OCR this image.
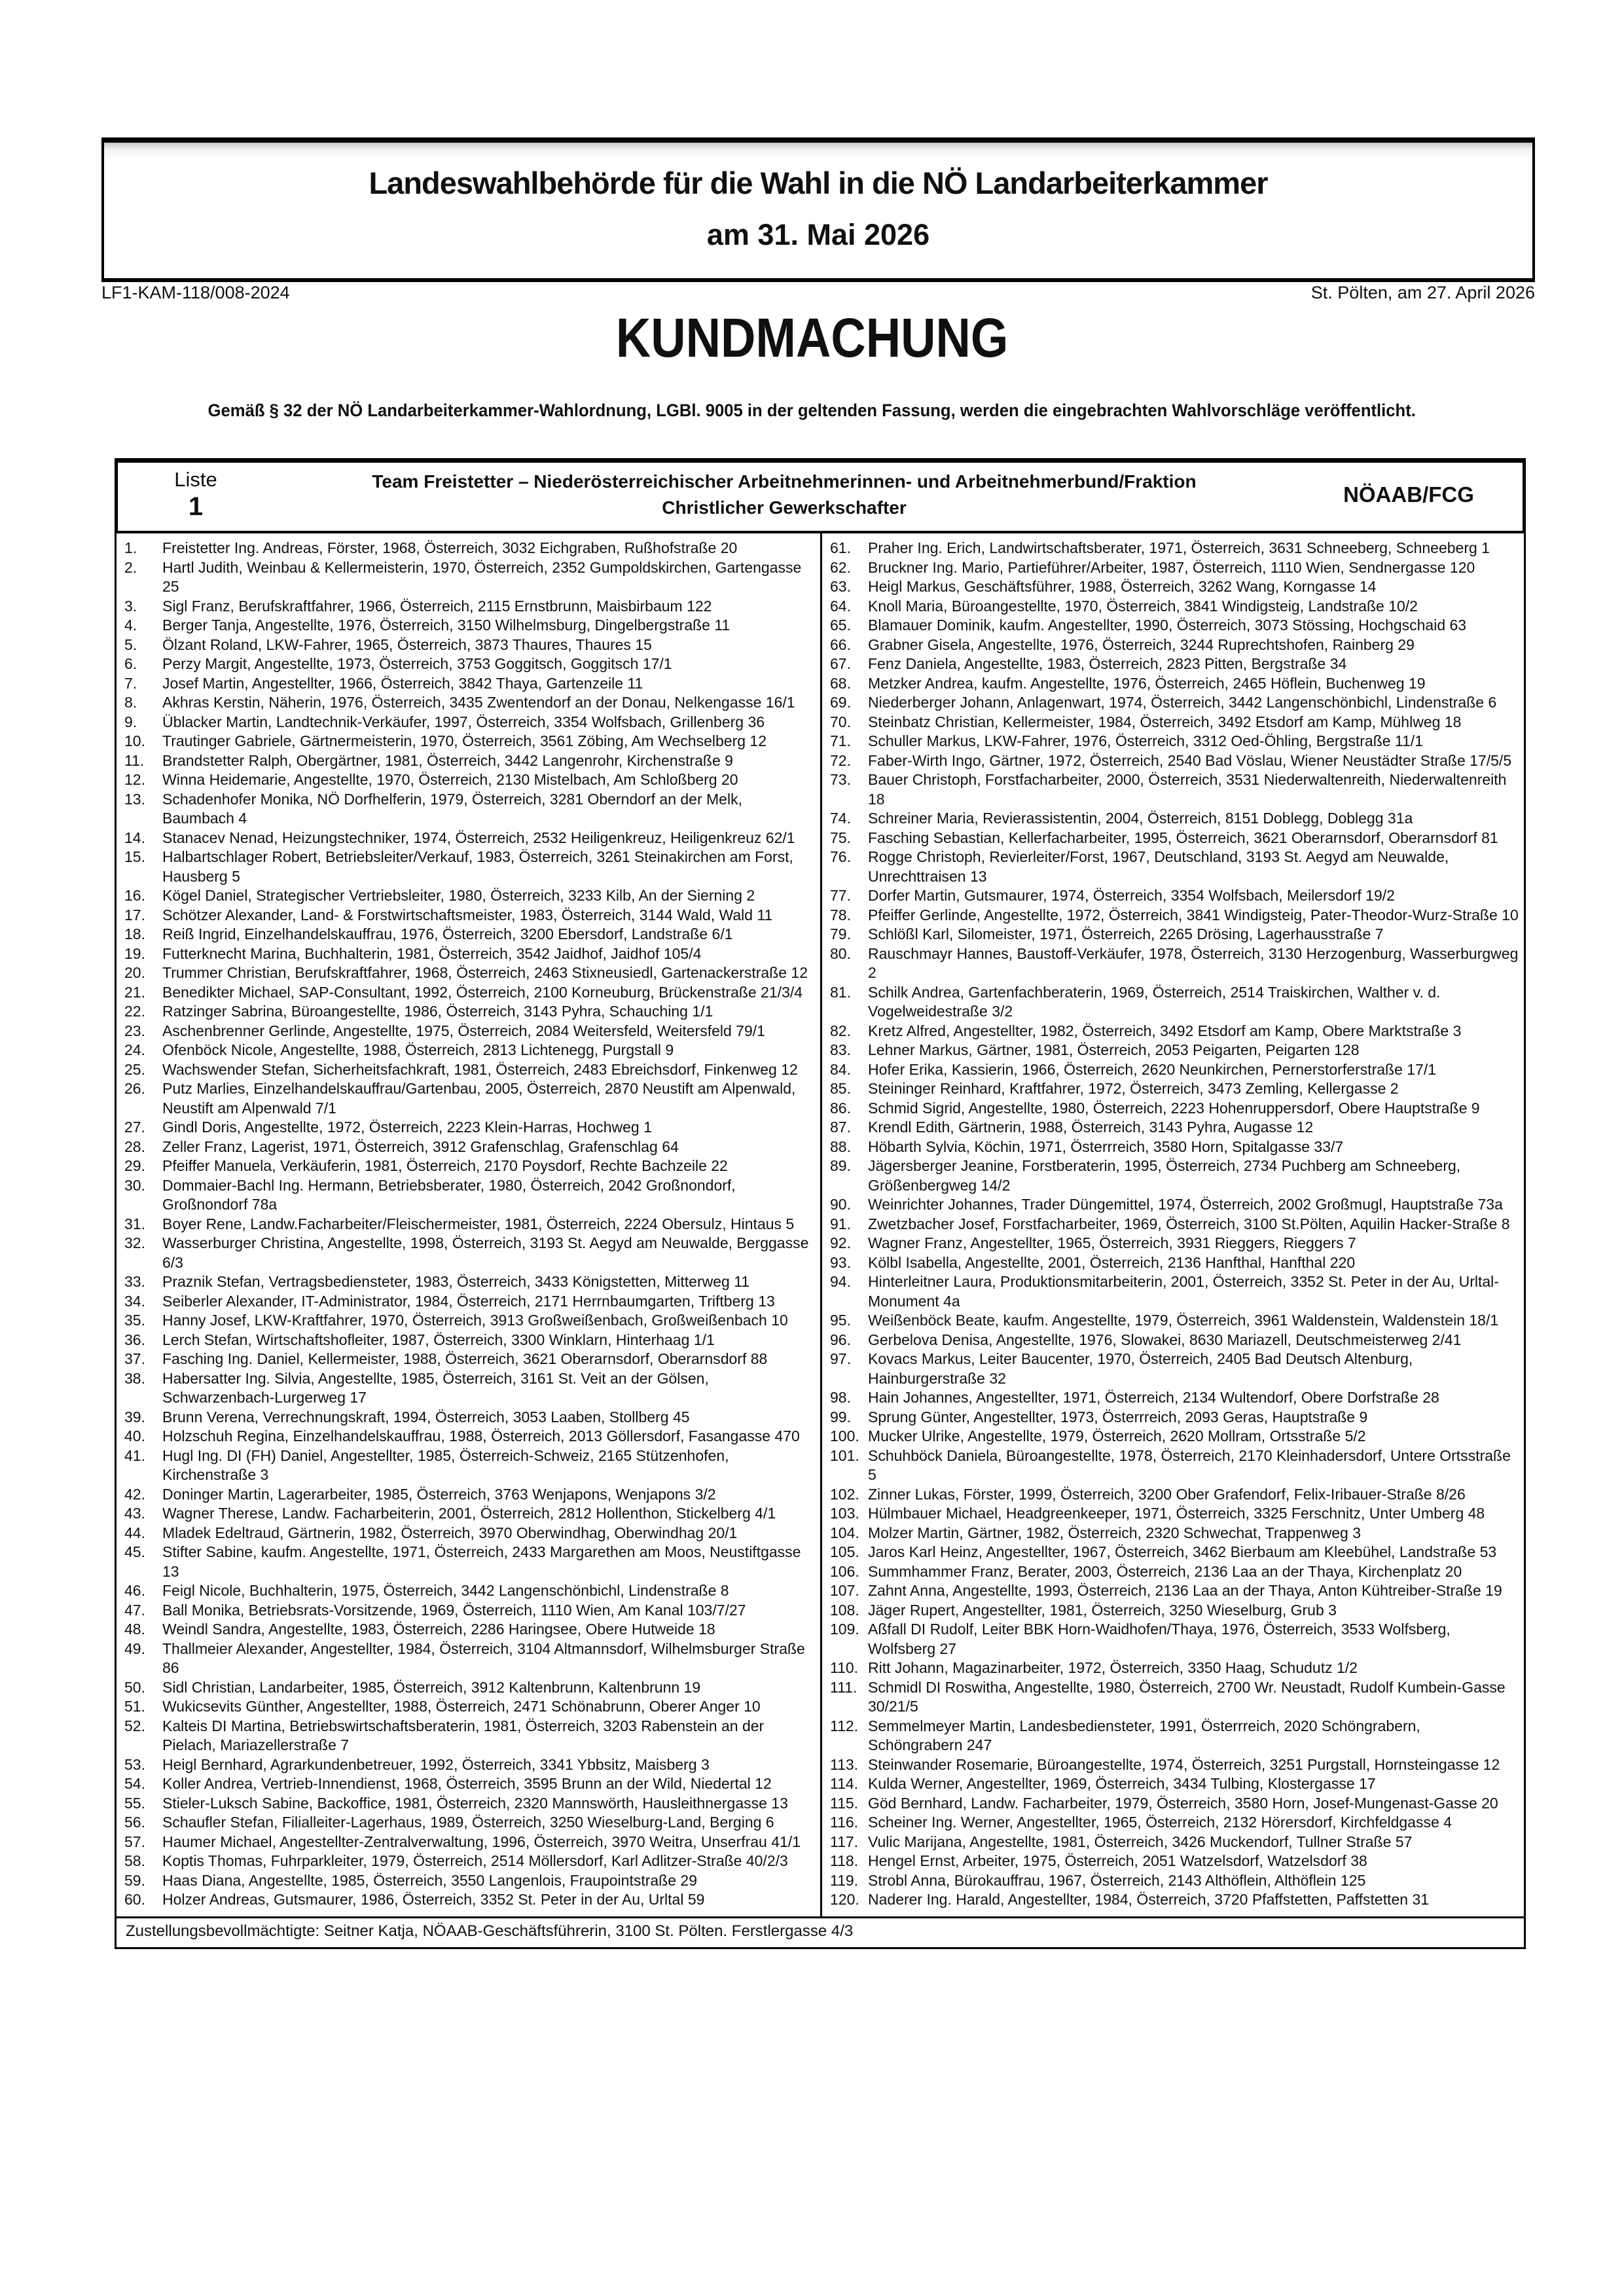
Landeswahlbehörde für die Wahl in die NÖ Landarbeiterkammer
am 31. Mai 2026
LF1-KAM-118/008-2024	St. Pölten, am 27. April 2026
KUNDMACHUNG
Gemäß § 32 der NÖ Landarbeiterkammer-Wahlordnung, LGBl. 9005 in der geltenden Fassung, werden die eingebrachten Wahlvorschläge veröffentlicht.
Liste
1
Team Freistetter – Niederösterreichischer Arbeitnehmerinnen- und Arbeitnehmerbund/Fraktion
Christlicher Gewerkschafter
NÖAAB/FCG
1. Freistetter Ing. Andreas, Förster, 1968, Österreich, 3032 Eichgraben, Rußhofstraße 20
2. Hartl Judith, Weinbau & Kellermeisterin, 1970, Österreich, 2352 Gumpoldskirchen, Gartengasse 25
3. Sigl Franz, Berufskraftfahrer, 1966, Österreich, 2115 Ernstbrunn, Maisbirbaum 122
4. Berger Tanja, Angestellte, 1976, Österreich, 3150 Wilhelmsburg, Dingelbergstraße 11
5. Ölzant Roland, LKW-Fahrer, 1965, Österreich, 3873 Thaures, Thaures 15
6. Perzy Margit, Angestellte, 1973, Österreich, 3753 Goggitsch, Goggitsch 17/1
7. Josef Martin, Angestellter, 1966, Österreich, 3842 Thaya, Gartenzeile 11
8. Akhras Kerstin, Näherin, 1976, Österreich, 3435 Zwentendorf an der Donau, Nelkengasse 16/1
9. Üblacker Martin, Landtechnik-Verkäufer, 1997, Österreich, 3354 Wolfsbach, Grillenberg 36
10. Trautinger Gabriele, Gärtnermeisterin, 1970, Österreich, 3561 Zöbing, Am Wechselberg 12
11. Brandstetter Ralph, Obergärtner, 1981, Österreich, 3442 Langenrohr, Kirchenstraße 9
12. Winna Heidemarie, Angestellte, 1970, Österreich, 2130 Mistelbach, Am Schloßberg 20
13. Schadenhofer Monika, NÖ Dorfhelferin, 1979, Österreich, 3281 Oberndorf an der Melk, Baumbach 4
14. Stanacev Nenad, Heizungstechniker, 1974, Österreich, 2532 Heiligenkreuz, Heiligenkreuz 62/1
15. Halbartschlager Robert, Betriebsleiter/Verkauf, 1983, Österreich, 3261 Steinakirchen am Forst, Hausberg 5
16. Kögel Daniel, Strategischer Vertriebsleiter, 1980, Österreich, 3233 Kilb, An der Sierning 2
17. Schötzer Alexander, Land- & Forstwirtschaftsmeister, 1983, Österreich, 3144 Wald, Wald 11
18. Reiß Ingrid, Einzelhandelskauffrau, 1976, Österreich, 3200 Ebersdorf, Landstraße 6/1
19. Futterknecht Marina, Buchhalterin, 1981, Österreich, 3542 Jaidhof, Jaidhof 105/4
20. Trummer Christian, Berufskraftfahrer, 1968, Österreich, 2463 Stixneusiedl, Gartenackerstraße 12
21. Benedikter Michael, SAP-Consultant, 1992, Österreich, 2100 Korneuburg, Brückenstraße 21/3/4
22. Ratzinger Sabrina, Büroangestellte, 1986, Österreich, 3143 Pyhra, Schauching 1/1
23. Aschenbrenner Gerlinde, Angestellte, 1975, Österreich, 2084 Weitersfeld, Weitersfeld 79/1
24. Ofenböck Nicole, Angestellte, 1988, Österreich, 2813 Lichtenegg, Purgstall 9
25. Wachswender Stefan, Sicherheitsfachkraft, 1981, Österreich, 2483 Ebreichsdorf, Finkenweg 12
26. Putz Marlies, Einzelhandelskauffrau/Gartenbau, 2005, Österreich, 2870 Neustift am Alpenwald, Neustift am Alpenwald 7/1
27. Gindl Doris, Angestellte, 1972, Österreich, 2223 Klein-Harras, Hochweg 1
28. Zeller Franz, Lagerist, 1971, Österreich, 3912 Grafenschlag, Grafenschlag 64
29. Pfeiffer Manuela, Verkäuferin, 1981, Österreich, 2170 Poysdorf, Rechte Bachzeile 22
30. Dommaier-Bachl Ing. Hermann, Betriebsberater, 1980, Österreich, 2042 Großnondorf, Großnondorf 78a
31. Boyer Rene, Landw.Facharbeiter/Fleischermeister, 1981, Österreich, 2224 Obersulz, Hintaus 5
32. Wasserburger Christina, Angestellte, 1998, Österreich, 3193 St. Aegyd am Neuwalde, Berggasse 6/3
33. Praznik Stefan, Vertragsbediensteter, 1983, Österreich, 3433 Königstetten, Mitterweg 11
34. Seiberler Alexander, IT-Administrator, 1984, Österreich, 2171 Herrnbaumgarten, Triftberg 13
35. Hanny Josef, LKW-Kraftfahrer, 1970, Österreich, 3913 Großweißenbach, Großweißenbach 10
36. Lerch Stefan, Wirtschaftshofleiter, 1987, Österreich, 3300 Winklarn, Hinterhaag 1/1
37. Fasching Ing. Daniel, Kellermeister, 1988, Österreich, 3621 Oberarnsdorf, Oberarnsdorf 88
38. Habersatter Ing. Silvia, Angestellte, 1985, Österreich, 3161 St. Veit an der Gölsen, Schwarzenbach-Lurgerweg 17
39. Brunn Verena, Verrechnungskraft, 1994, Österreich, 3053 Laaben, Stollberg 45
40. Holzschuh Regina, Einzelhandelskauffrau, 1988, Österreich, 2013 Göllersdorf, Fasangasse 470
41. Hugl Ing. DI (FH) Daniel, Angestellter, 1985, Österreich-Schweiz, 2165 Stützenhofen, Kirchenstraße 3
42. Doninger Martin, Lagerarbeiter, 1985, Österreich, 3763 Wenjapons, Wenjapons 3/2
43. Wagner Therese, Landw. Facharbeiterin, 2001, Österreich, 2812 Hollenthon, Stickelberg 4/1
44. Mladek Edeltraud, Gärtnerin, 1982, Österreich, 3970 Oberwindhag, Oberwindhag 20/1
45. Stifter Sabine, kaufm. Angestellte, 1971, Österreich, 2433 Margarethen am Moos, Neustiftgasse 13
46. Feigl Nicole, Buchhalterin, 1975, Österreich, 3442 Langenschönbichl, Lindenstraße 8
47. Ball Monika, Betriebsrats-Vorsitzende, 1969, Österreich, 1110 Wien, Am Kanal 103/7/27
48. Weindl Sandra, Angestellte, 1983, Österreich, 2286 Haringsee, Obere Hutweide 18
49. Thallmeier Alexander, Angestellter, 1984, Österreich, 3104 Altmannsdorf, Wilhelmsburger Straße 86
50. Sidl Christian, Landarbeiter, 1985, Österreich, 3912 Kaltenbrunn, Kaltenbrunn 19
51. Wukicsevits Günther, Angestellter, 1988, Österreich, 2471 Schönabrunn, Oberer Anger 10
52. Kalteis DI Martina, Betriebswirtschaftsberaterin, 1981, Österreich, 3203 Rabenstein an der Pielach, Mariazellerstraße 7
53. Heigl Bernhard, Agrarkundenbetreuer, 1992, Österreich, 3341 Ybbsitz, Maisberg 3
54. Koller Andrea, Vertrieb-Innendienst, 1968, Österreich, 3595 Brunn an der Wild, Niedertal 12
55. Stieler-Luksch Sabine, Backoffice, 1981, Österreich, 2320 Mannswörth, Hausleithnergasse 13
56. Schaufler Stefan, Filialleiter-Lagerhaus, 1989, Österreich, 3250 Wieselburg-Land, Berging 6
57. Haumer Michael, Angestellter-Zentralverwaltung, 1996, Österreich, 3970 Weitra, Unserfrau 41/1
58. Koptis Thomas, Fuhrparkleiter, 1979, Österreich, 2514 Möllersdorf, Karl Adlitzer-Straße 40/2/3
59. Haas Diana, Angestellte, 1985, Österreich, 3550 Langenlois, Fraupointstraße 29
60. Holzer Andreas, Gutsmaurer, 1986, Österreich, 3352 St. Peter in der Au, Urltal 59
61. Praher Ing. Erich, Landwirtschaftsberater, 1971, Österreich, 3631 Schneeberg, Schneeberg 1
62. Bruckner Ing. Mario, Partieführer/Arbeiter, 1987, Österreich, 1110 Wien, Sendnergasse 120
63. Heigl Markus, Geschäftsführer, 1988, Österreich, 3262 Wang, Korngasse 14
64. Knoll Maria, Büroangestellte, 1970, Österreich, 3841 Windigsteig, Landstraße 10/2
65. Blamauer Dominik, kaufm. Angestellter, 1990, Österreich, 3073 Stössing, Hochgschaid 63
66. Grabner Gisela, Angestellte, 1976, Österreich, 3244 Ruprechtshofen, Rainberg 29
67. Fenz Daniela, Angestellte, 1983, Österreich, 2823 Pitten, Bergstraße 34
68. Metzker Andrea, kaufm. Angestellte, 1976, Österreich, 2465 Höflein, Buchenweg 19
69. Niederberger Johann, Anlagenwart, 1974, Österreich, 3442 Langenschönbichl, Lindenstraße 6
70. Steinbatz Christian, Kellermeister, 1984, Österreich, 3492 Etsdorf am Kamp, Mühlweg 18
71. Schuller Markus, LKW-Fahrer, 1976, Österreich, 3312 Oed-Öhling, Bergstraße 11/1
72. Faber-Wirth Ingo, Gärtner, 1972, Österreich, 2540 Bad Vöslau, Wiener Neustädter Straße 17/5/5
73. Bauer Christoph, Forstfacharbeiter, 2000, Österreich, 3531 Niederwaltenreith, Niederwaltenreith 18
74. Schreiner Maria, Revierassistentin, 2004, Österreich, 8151 Doblegg, Doblegg 31a
75. Fasching Sebastian, Kellerfacharbeiter, 1995, Österreich, 3621 Oberarnsdorf, Oberarnsdorf 81
76. Rogge Christoph, Revierleiter/Forst, 1967, Deutschland, 3193 St. Aegyd am Neuwalde, Unrechttraisen 13
77. Dorfer Martin, Gutsmaurer, 1974, Österreich, 3354 Wolfsbach, Meilersdorf 19/2
78. Pfeiffer Gerlinde, Angestellte, 1972, Österreich, 3841 Windigsteig, Pater-Theodor-Wurz-Straße 10
79. Schlößl Karl, Silomeister, 1971, Österreich, 2265 Drösing, Lagerhausstraße 7
80. Rauschmayr Hannes, Baustoff-Verkäufer, 1978, Österreich, 3130 Herzogenburg, Wasserburgweg 2
81. Schilk Andrea, Gartenfachberaterin, 1969, Österreich, 2514 Traiskirchen, Walther v. d. Vogelweidestraße 3/2
82. Kretz Alfred, Angestellter, 1982, Österreich, 3492 Etsdorf am Kamp, Obere Marktstraße 3
83. Lehner Markus, Gärtner, 1981, Österreich, 2053 Peigarten, Peigarten 128
84. Hofer Erika, Kassierin, 1966, Österreich, 2620 Neunkirchen, Pernerstorferstraße 17/1
85. Steininger Reinhard, Kraftfahrer, 1972, Österreich, 3473 Zemling, Kellergasse 2
86. Schmid Sigrid, Angestellte, 1980, Österreich, 2223 Hohenruppersdorf, Obere Hauptstraße 9
87. Krendl Edith, Gärtnerin, 1988, Österreich, 3143 Pyhra, Augasse 12
88. Höbarth Sylvia, Köchin, 1971, Österrreich, 3580 Horn, Spitalgasse 33/7
89. Jägersberger Jeanine, Forstberaterin, 1995, Österreich, 2734 Puchberg am Schneeberg, Größenbergweg 14/2
90. Weinrichter Johannes, Trader Düngemittel, 1974, Österreich, 2002 Großmugl, Hauptstraße 73a
91. Zwetzbacher Josef, Forstfacharbeiter, 1969, Österreich, 3100 St.Pölten, Aquilin Hacker-Straße 8
92. Wagner Franz, Angestellter, 1965, Österreich, 3931 Rieggers, Rieggers 7
93. Kölbl Isabella, Angestellte, 2001, Österreich, 2136 Hanfthal, Hanfthal 220
94. Hinterleitner Laura, Produktionsmitarbeiterin, 2001, Österreich, 3352 St. Peter in der Au, Urltal-Monument 4a
95. Weißenböck Beate, kaufm. Angestellte, 1979, Österreich, 3961 Waldenstein, Waldenstein 18/1
96. Gerbelova Denisa, Angestellte, 1976, Slowakei, 8630 Mariazell, Deutschmeisterweg 2/41
97. Kovacs Markus, Leiter Baucenter, 1970, Österreich, 2405 Bad Deutsch Altenburg, Hainburgerstraße 32
98. Hain Johannes, Angestellter, 1971, Österreich, 2134 Wultendorf, Obere Dorfstraße 28
99. Sprung Günter, Angestellter, 1973, Österrreich, 2093 Geras, Hauptstraße 9
100. Mucker Ulrike, Angestellte, 1979, Österreich, 2620 Mollram, Ortsstraße 5/2
101. Schuhböck Daniela, Büroangestellte, 1978, Österreich, 2170 Kleinhadersdorf, Untere Ortsstraße 5
102. Zinner Lukas, Förster, 1999, Österreich, 3200 Ober Grafendorf, Felix-Iribauer-Straße 8/26
103. Hülmbauer Michael, Headgreenkeeper, 1971, Österreich, 3325 Ferschnitz, Unter Umberg 48
104. Molzer Martin, Gärtner, 1982, Österreich, 2320 Schwechat, Trappenweg 3
105. Jaros Karl Heinz, Angestellter, 1967, Österreich, 3462 Bierbaum am Kleebühel, Landstraße 53
106. Summhammer Franz, Berater, 2003, Österreich, 2136 Laa an der Thaya, Kirchenplatz 20
107. Zahnt Anna, Angestellte, 1993, Österreich, 2136 Laa an der Thaya, Anton Kühtreiber-Straße 19
108. Jäger Rupert, Angestellter, 1981, Österreich, 3250 Wieselburg, Grub 3
109. Aßfall DI Rudolf, Leiter BBK Horn-Waidhofen/Thaya, 1976, Österreich, 3533 Wolfsberg, Wolfsberg 27
110. Ritt Johann, Magazinarbeiter, 1972, Österreich, 3350 Haag, Schudutz 1/2
111. Schmidl DI Roswitha, Angestellte, 1980, Österreich, 2700 Wr. Neustadt, Rudolf Kumbein-Gasse 30/21/5
112. Semmelmeyer Martin, Landesbediensteter, 1991, Österrreich, 2020 Schöngrabern, Schöngrabern 247
113. Steinwander Rosemarie, Büroangestellte, 1974, Österreich, 3251 Purgstall, Hornsteingasse 12
114. Kulda Werner, Angestellter, 1969, Österreich, 3434 Tulbing, Klostergasse 17
115. Göd Bernhard, Landw. Facharbeiter, 1979, Österreich, 3580 Horn, Josef-Mungenast-Gasse 20
116. Scheiner Ing. Werner, Angestellter, 1965, Österreich, 2132 Hörersdorf, Kirchfeldgasse 4
117. Vulic Marijana, Angestellte, 1981, Österreich, 3426 Muckendorf, Tullner Straße 57
118. Hengel Ernst, Arbeiter, 1975, Österreich, 2051 Watzelsdorf, Watzelsdorf 38
119. Strobl Anna, Bürokauffrau, 1967, Österreich, 2143 Althöflein, Althöflein 125
120. Naderer Ing. Harald, Angestellter, 1984, Österreich, 3720 Pfaffstetten, Paffstetten 31
Zustellungsbevollmächtigte: Seitner Katja, NÖAAB-Geschäftsführerin, 3100 St. Pölten. Ferstlergasse 4/3
